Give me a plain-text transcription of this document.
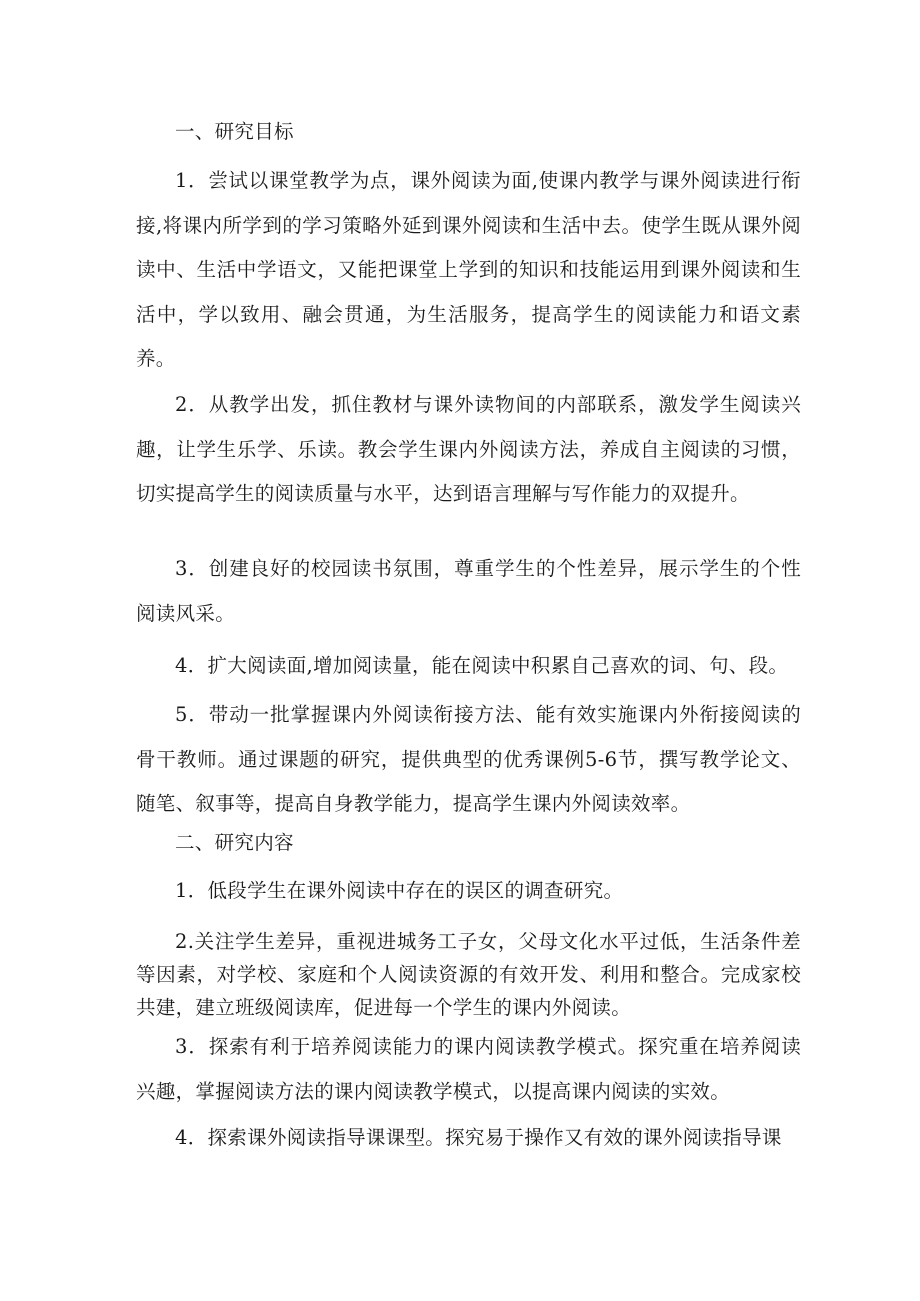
一、研究目标

1．尝试以课堂教学为点，课外阅读为面,使课内教学与课外阅读进行衔接,将课内所学到的学习策略外延到课外阅读和生活中去。使学生既从课外阅读中、生活中学语文，又能把课堂上学到的知识和技能运用到课外阅读和生活中，学以致用、融会贯通，为生活服务，提高学生的阅读能力和语文素养。

2．从教学出发，抓住教材与课外读物间的内部联系，激发学生阅读兴趣，让学生乐学、乐读。教会学生课内外阅读方法，养成自主阅读的习惯，切实提高学生的阅读质量与水平，达到语言理解与写作能力的双提升。

3．创建良好的校园读书氛围，尊重学生的个性差异，展示学生的个性阅读风采。

4．扩大阅读面,增加阅读量，能在阅读中积累自己喜欢的词、句、段。

5．带动一批掌握课内外阅读衔接方法、能有效实施课内外衔接阅读的骨干教师。通过课题的研究，提供典型的优秀课例5-6节，撰写教学论文、随笔、叙事等，提高自身教学能力，提高学生课内外阅读效率。

二、研究内容

1．低段学生在课外阅读中存在的误区的调查研究。

2.关注学生差异，重视进城务工子女，父母文化水平过低，生活条件差等因素，对学校、家庭和个人阅读资源的有效开发、利用和整合。完成家校共建，建立班级阅读库，促进每一个学生的课内外阅读。

3．探索有利于培养阅读能力的课内阅读教学模式。探究重在培养阅读兴趣，掌握阅读方法的课内阅读教学模式，以提高课内阅读的实效。

4．探索课外阅读指导课课型。探究易于操作又有效的课外阅读指导课
